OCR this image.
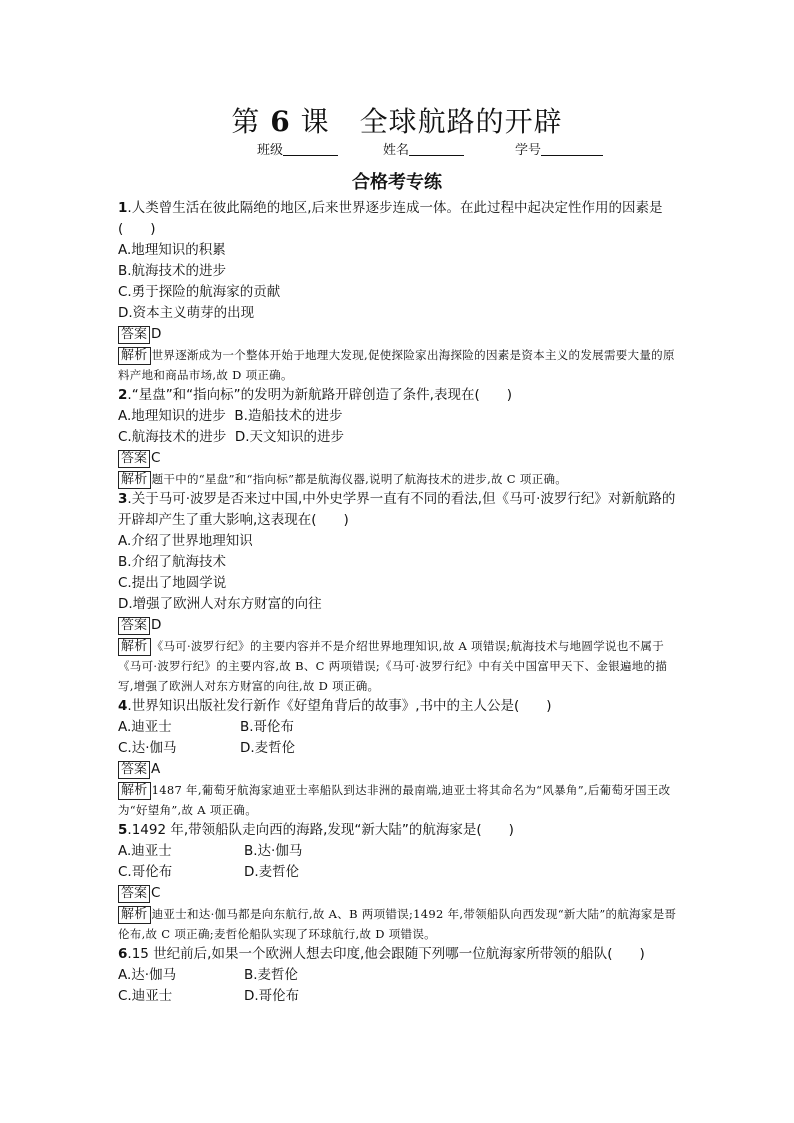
第 6 课 全球航路的开辟
班级	姓名	学号
合格考专练

1.人类曾生活在彼此隔绝的地区,后来世界逐步连成一体。在此过程中起决定性作用的因素是(　　)

A.地理知识的积累

B.航海技术的进步

C.勇于探险的航海家的贡献

D.资本主义萌芽的出现

答案 D

解析 世界逐渐成为一个整体开始于地理大发现,促使探险家出海探险的因素是资本主义的发展需要大量的原料产地和商品市场,故 D 项正确。

2.“星盘”和“指向标”的发明为新航路开辟创造了条件,表现在(　　)

A.地理知识的进步 B.造船技术的进步

C.航海技术的进步 D.天文知识的进步

答案 C

解析 题干中的“星盘”和“指向标”都是航海仪器,说明了航海技术的进步,故 C 项正确。

3.关于马可·波罗是否来过中国,中外史学界一直有不同的看法,但《马可·波罗行纪》对新航路的开辟却产生了重大影响,这表现在(　　)

A.介绍了世界地理知识

B.介绍了航海技术

C.提出了地圆学说

D.增强了欧洲人对东方财富的向往

答案 D

解析 《马可·波罗行纪》的主要内容并不是介绍世界地理知识,故 A 项错误;航海技术与地圆学说也不属于《马可·波罗行纪》的主要内容,故 B、C 两项错误;《马可·波罗行纪》中有关中国富甲天下、金银遍地的描写,增强了欧洲人对东方财富的向往,故 D 项正确。

4.世界知识出版社发行新作《好望角背后的故事》,书中的主人公是(　　)

A.迪亚士	B.哥伦布
C.达·伽马	D.麦哲伦

答案 A

解析 1487 年,葡萄牙航海家迪亚士率船队到达非洲的最南端,迪亚士将其命名为“风暴角”,后葡萄牙国王改为“好望角”,故 A 项正确。

5.1492 年,带领船队走向西的海路,发现“新大陆”的航海家是(　　)

A.迪亚士	B.达·伽马
C.哥伦布	D.麦哲伦

答案 C

解析 迪亚士和达·伽马都是向东航行,故 A、B 两项错误;1492 年,带领船队向西发现“新大陆”的航海家是哥伦布,故 C 项正确;麦哲伦船队实现了环球航行,故 D 项错误。

6.15 世纪前后,如果一个欧洲人想去印度,他会跟随下列哪一位航海家所带领的船队(　　)

A.达·伽马	B.麦哲伦
C.迪亚士	D.哥伦布
